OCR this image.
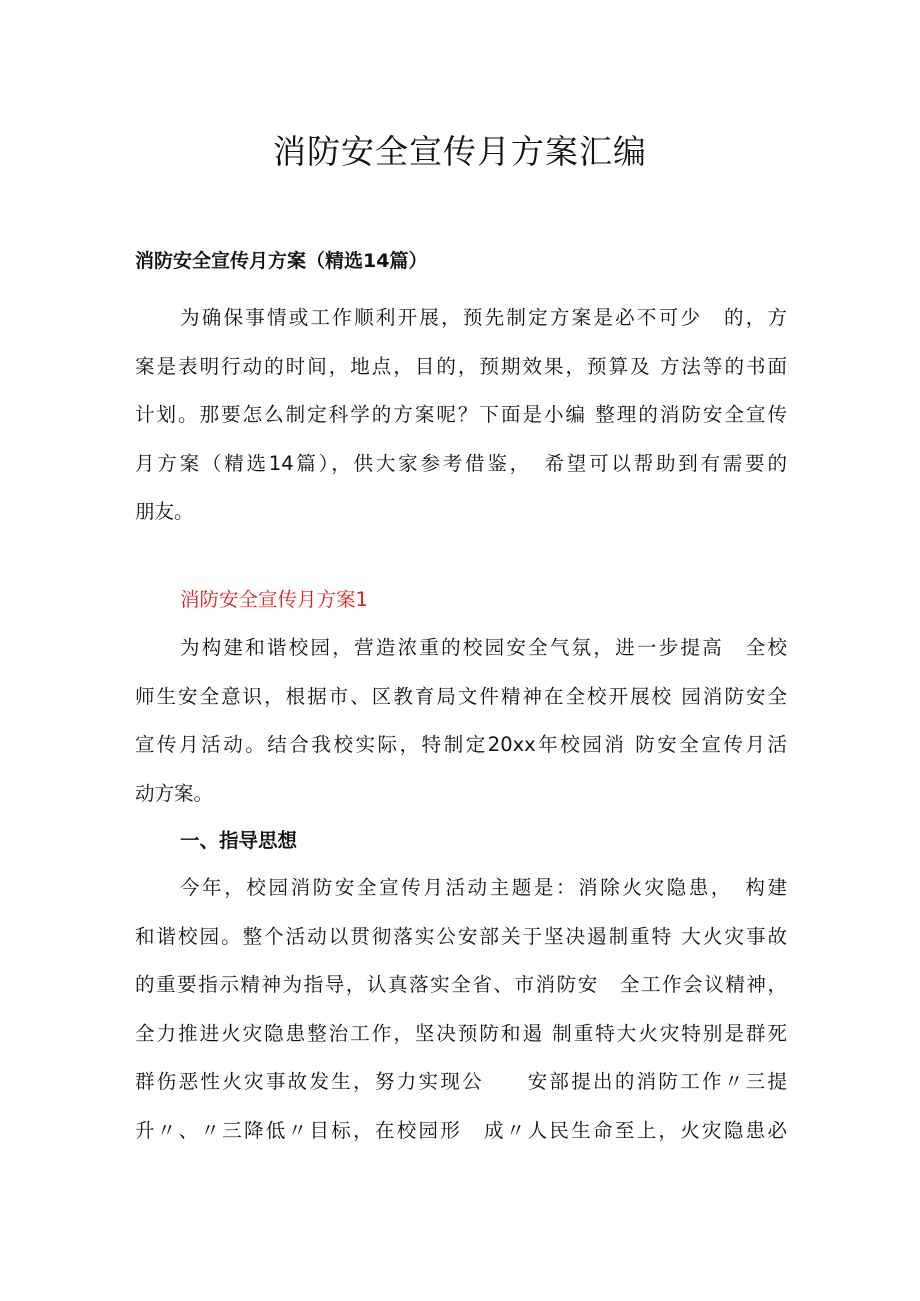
消防安全宣传月方案汇编

消防安全宣传月方案（精选14篇）

为确保事情或工作顺利开展，预先制定方案是必不可少　的，方
案是表明行动的时间，地点，目的，预期效果，预算及 方法等的书面
计划。那要怎么制定科学的方案呢？下面是小编 整理的消防安全宣传
月方案（精选14篇），供大家参考借鉴，　希望可以帮助到有需要的
朋友。

消防安全宣传月方案1

为构建和谐校园，营造浓重的校园安全气氛，进一步提高　全校
师生安全意识，根据市、区教育局文件精神在全校开展校 园消防安全
宣传月活动。结合我校实际，特制定20xx年校园消 防安全宣传月活
动方案。

一、指导思想

今年，校园消防安全宣传月活动主题是：消除火灾隐患，　构建
和谐校园。整个活动以贯彻落实公安部关于坚决遏制重特 大火灾事故
的重要指示精神为指导，认真落实全省、市消防安　全工作会议精神，
全力推进火灾隐患整治工作，坚决预防和遏 制重特大火灾特别是群死
群伤恶性火灾事故发生，努力实现公　　安部提出的消防工作〃三提
升〃、〃三降低〃目标，在校园形　成〃人民生命至上，火灾隐患必
